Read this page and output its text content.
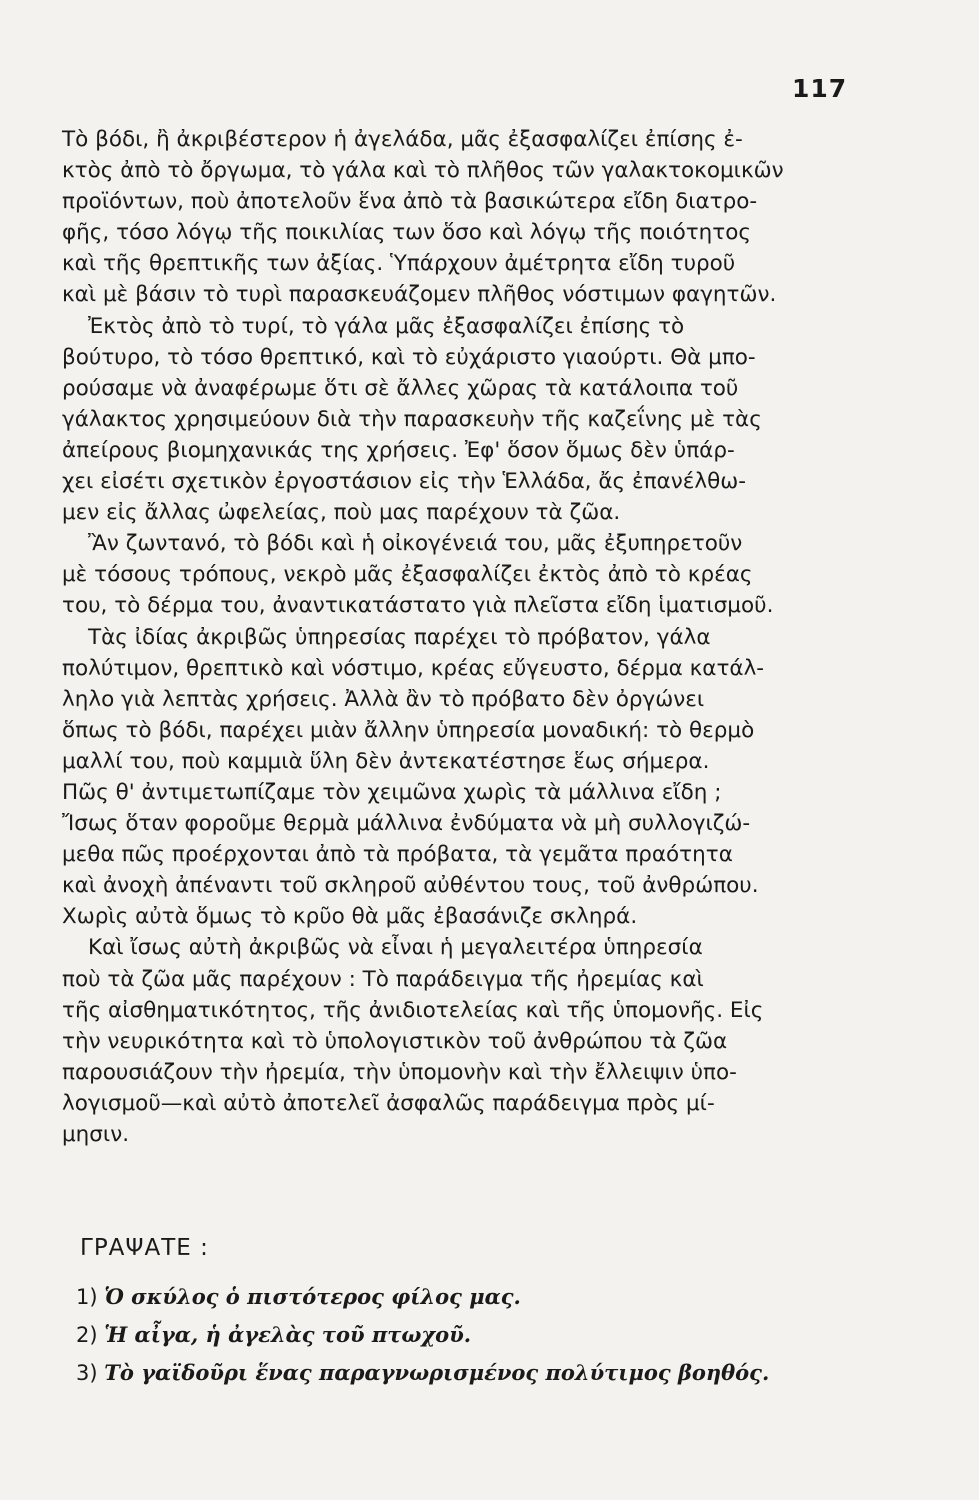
117
Τὸ βόδι, ἢ ἀκριβέστερον ἡ ἀγελάδα, μᾶς ἐξασφαλίζει ἐπίσης ἐ-
κτὸς ἀπὸ τὸ ὄργωμα, τὸ γάλα καὶ τὸ πλῆθος τῶν γαλακτοκομικῶν
προϊόντων, ποὺ ἀποτελοῦν ἕνα ἀπὸ τὰ βασικώτερα εἴδη διατρο-
φῆς, τόσο λόγῳ τῆς ποικιλίας των ὅσο καὶ λόγῳ τῆς ποιότητος
καὶ τῆς θρεπτικῆς των ἀξίας. Ὑπάρχουν ἀμέτρητα εἴδη τυροῦ
καὶ μὲ βάσιν τὸ τυρὶ παρασκευάζομεν πλῆθος νόστιμων φαγητῶν.
Ἐκτὸς ἀπὸ τὸ τυρί, τὸ γάλα μᾶς ἐξασφαλίζει ἐπίσης τὸ
βούτυρο, τὸ τόσο θρεπτικό, καὶ τὸ εὐχάριστο γιαούρτι. Θὰ μπο-
ρούσαμε νὰ ἀναφέρωμε ὅτι σὲ ἄλλες χῶρας τὰ κατάλοιπα τοῦ
γάλακτος χρησιμεύουν διὰ τὴν παρασκευὴν τῆς καζεΐνης μὲ τὰς
ἀπείρους βιομηχανικάς της χρήσεις. Ἐφ' ὅσον ὅμως δὲν ὑπάρ-
χει εἰσέτι σχετικὸν ἐργοστάσιον εἰς τὴν Ἑλλάδα, ἄς ἐπανέλθω-
μεν εἰς ἄλλας ὠφελείας, ποὺ μας παρέχουν τὰ ζῶα.
Ἂν ζωντανό, τὸ βόδι καὶ ἡ οἰκογένειά του, μᾶς ἐξυπηρετοῦν
μὲ τόσους τρόπους, νεκρὸ μᾶς ἐξασφαλίζει ἐκτὸς ἀπὸ τὸ κρέας
του, τὸ δέρμα του, ἀναντικατάστατο γιὰ πλεῖστα εἴδη ἱματισμοῦ.
Τὰς ἰδίας ἀκριβῶς ὑπηρεσίας παρέχει τὸ πρόβατον, γάλα
πολύτιμον, θρεπτικὸ καὶ νόστιμο, κρέας εὔγευστο, δέρμα κατάλ-
ληλο γιὰ λεπτὰς χρήσεις. Ἀλλὰ ἂν τὸ πρόβατο δὲν ὀργώνει
ὅπως τὸ βόδι, παρέχει μιὰν ἄλλην ὑπηρεσία μοναδική: τὸ θερμὸ
μαλλί του, ποὺ καμμιὰ ὕλη δὲν ἀντεκατέστησε ἕως σήμερα.
Πῶς θ' ἀντιμετωπίζαμε τὸν χειμῶνα χωρὶς τὰ μάλλινα εἴδη ;
Ἴσως ὅταν φοροῦμε θερμὰ μάλλινα ἐνδύματα νὰ μὴ συλλογιζώ-
μεθα πῶς προέρχονται ἀπὸ τὰ πρόβατα, τὰ γεμᾶτα πραότητα
καὶ ἀνοχὴ ἀπέναντι τοῦ σκληροῦ αὐθέντου τους, τοῦ ἀνθρώπου.
Χωρὶς αὐτὰ ὅμως τὸ κρῦο θὰ μᾶς ἐβασάνιζε σκληρά.
Καὶ ἴσως αὐτὴ ἀκριβῶς νὰ εἶναι ἡ μεγαλειτέρα ὑπηρεσία
ποὺ τὰ ζῶα μᾶς παρέχουν : Τὸ παράδειγμα τῆς ἠρεμίας καὶ
τῆς αἰσθηματικότητος, τῆς ἀνιδιοτελείας καὶ τῆς ὑπομονῆς. Εἰς
τὴν νευρικότητα καὶ τὸ ὑπολογιστικὸν τοῦ ἀνθρώπου τὰ ζῶα
παρουσιάζουν τὴν ἠρεμία, τὴν ὑπομονὴν καὶ τὴν ἔλλειψιν ὑπο-
λογισμοῦ—καὶ αὐτὸ ἀποτελεῖ ἀσφαλῶς παράδειγμα πρὸς μί-
μησιν.
ΓΡΑΨΑΤΕ :
1) Ὁ σκύλος ὁ πιστότερος φίλος μας.
2) Ἡ αἶγα, ἡ ἀγελὰς τοῦ πτωχοῦ.
3) Τὸ γαϊδοῦρι ἕνας παραγνωρισμένος πολύτιμος βοηθός.
